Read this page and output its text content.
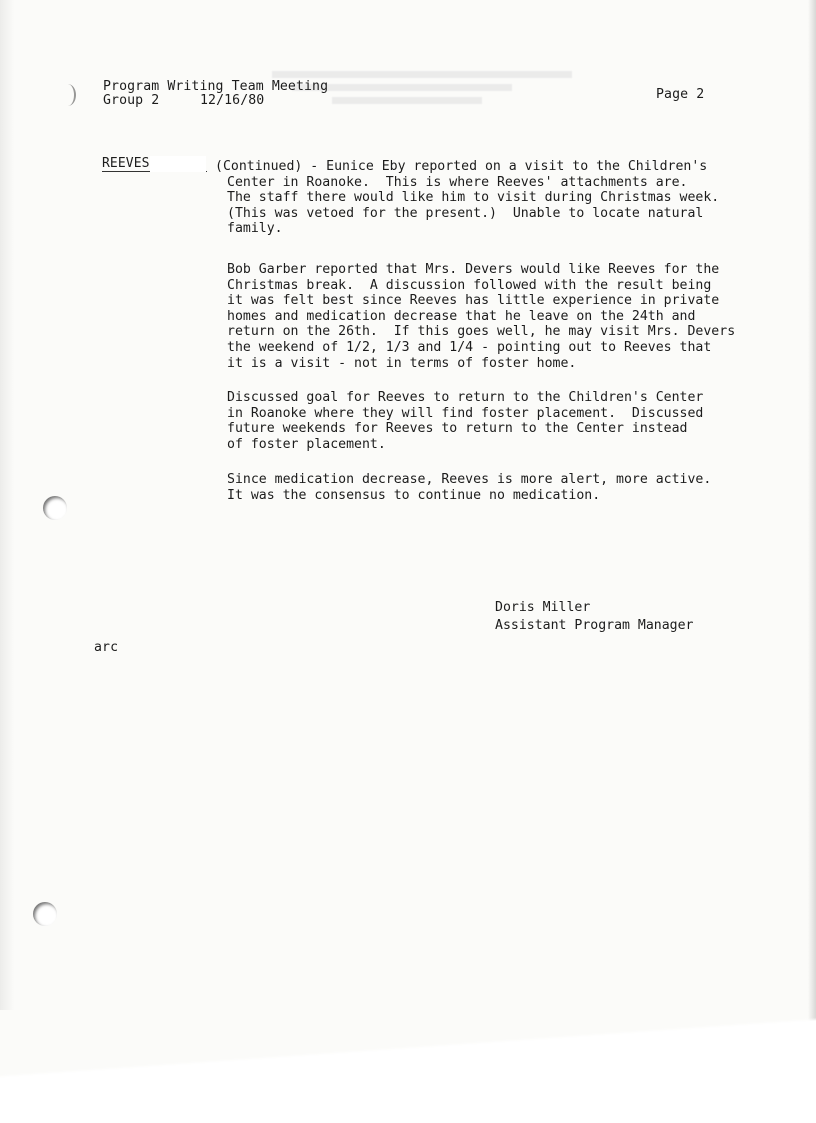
Program Writing Team Meeting
Group 2	12/16/80	Page 2
REEVES	(Continued) - Eunice Eby reported on a visit to the Children's
Center in Roanoke.  This is where Reeves' attachments are.
The staff there would like him to visit during Christmas week.
(This was vetoed for the present.)  Unable to locate natural
family.
Bob Garber reported that Mrs. Devers would like Reeves for the
Christmas break.  A discussion followed with the result being
it was felt best since Reeves has little experience in private
homes and medication decrease that he leave on the 24th and
return on the 26th.  If this goes well, he may visit Mrs. Devers
the weekend of 1/2, 1/3 and 1/4 - pointing out to Reeves that
it is a visit - not in terms of foster home.
Discussed goal for Reeves to return to the Children's Center
in Roanoke where they will find foster placement.  Discussed
future weekends for Reeves to return to the Center instead
of foster placement.
Since medication decrease, Reeves is more alert, more active.
It was the consensus to continue no medication.
Doris Miller
Assistant Program Manager
arc
